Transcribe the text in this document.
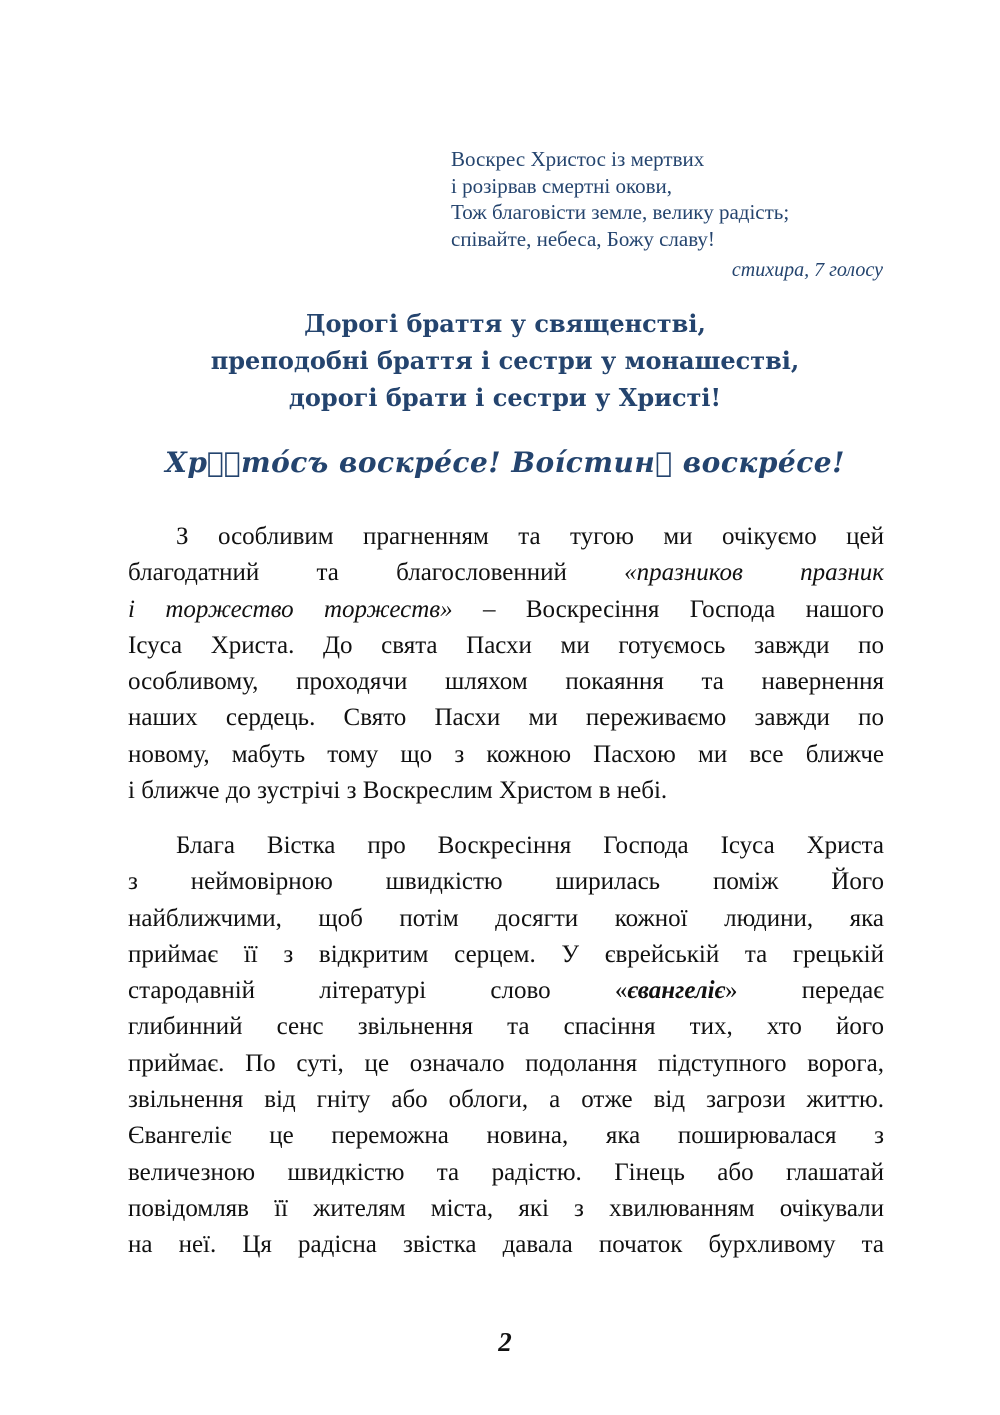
Воскрес Христос із мертвих
і розірвав смертні окови,
Тож благовісти земле, велику радість;
співайте, небеса, Божу славу!
стихира, 7 голосу
Дорогі браття у священстві,
преподобні браття і сестри у монашестві,
дорогі брати і сестри у Христі!
Хрⷭ҇то́съ воскре́се! Воі́стинꙋ воскре́се!
З особливим прагненням та тугою ми очікуємо цей
благодатний та благословенний «празников празник
і торжество торжеств» – Воскресіння Господа нашого
Ісуса Христа. До свята Пасхи ми готуємось завжди по
особливому, проходячи шляхом покаяння та навернення
наших сердець. Свято Пасхи ми переживаємо завжди по
новому, мабуть тому що з кожною Пасхою ми все ближче
і ближче до зустрічі з Воскреслим Христом в небі.
Блага Вістка про Воскресіння Господа Ісуса Христа
з неймовірною швидкістю ширилась поміж Його
найближчими, щоб потім досягти кожної людини, яка
приймає її з відкритим серцем. У єврейській та грецькій
стародавній літературі слово «євангеліє» передає
глибинний сенс звільнення та спасіння тих, хто його
приймає. По суті, це означало подолання підступного ворога,
звільнення від гніту або облоги, а отже від загрози життю.
Євангеліє це переможна новина, яка поширювалася з
величезною швидкістю та радістю. Гінець або глашатай
повідомляв її жителям міста, які з хвилюванням очікували
на неї. Ця радісна звістка давала початок бурхливому та
2
